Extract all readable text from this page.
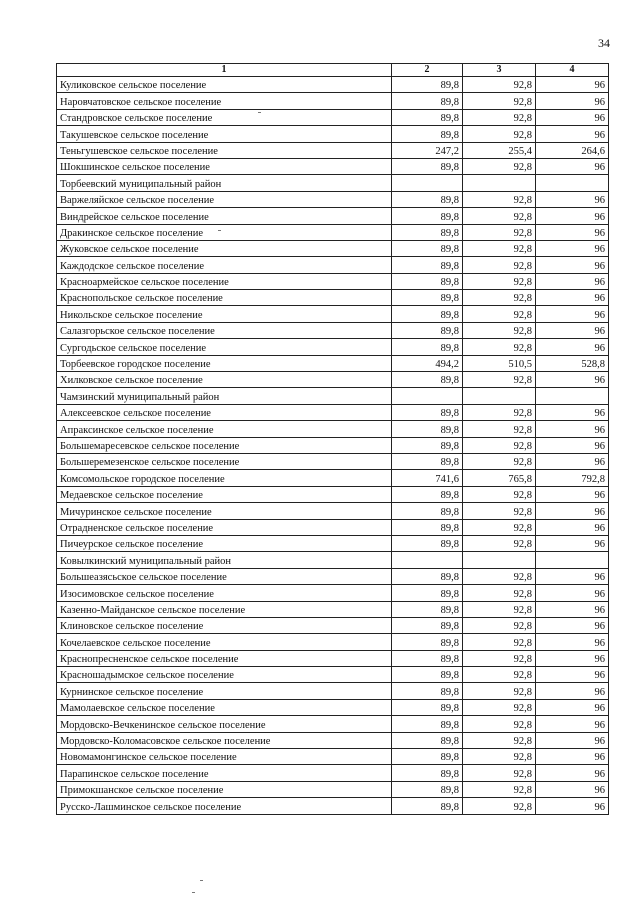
34
1	2	3	4
Куликовское сельское поселение	89,8	92,8	96
Наровчатовское сельское поселение	89,8	92,8	96
Стандровское сельское поселение	89,8	92,8	96
Такушевское сельское поселение	89,8	92,8	96
Теньгушевское сельское поселение	247,2	255,4	264,6
Шокшинское сельское поселение	89,8	92,8	96
Торбеевский муниципальный район			
Варжеляйское сельское поселение	89,8	92,8	96
Виндрейское сельское поселение	89,8	92,8	96
Дракинское сельское поселение	89,8	92,8	96
Жуковское сельское поселение	89,8	92,8	96
Каждодское сельское поселение	89,8	92,8	96
Красноармейское сельское поселение	89,8	92,8	96
Краснопольское сельское поселение	89,8	92,8	96
Никольское сельское поселение	89,8	92,8	96
Салазгорьское сельское поселение	89,8	92,8	96
Сургодьское сельское поселение	89,8	92,8	96
Торбеевское городское поселение	494,2	510,5	528,8
Хилковское сельское поселение	89,8	92,8	96
Чамзинский муниципальный район			
Алексеевское сельское поселение	89,8	92,8	96
Апраксинское сельское поселение	89,8	92,8	96
Большемаресевское сельское поселение	89,8	92,8	96
Большеремезенское сельское поселение	89,8	92,8	96
Комсомольское городское поселение	741,6	765,8	792,8
Медаевское сельское поселение	89,8	92,8	96
Мичуринское сельское поселение	89,8	92,8	96
Отрадненское сельское поселение	89,8	92,8	96
Пичеурское сельское поселение	89,8	92,8	96
Ковылкинский муниципальный район			
Большеазясьское сельское поселение	89,8	92,8	96
Изосимовское сельское поселение	89,8	92,8	96
Казенно-Майданское сельское поселение	89,8	92,8	96
Клиновское сельское поселение	89,8	92,8	96
Кочелаевское сельское поселение	89,8	92,8	96
Краснопресненское сельское поселение	89,8	92,8	96
Красношадымское сельское поселение	89,8	92,8	96
Курнинское сельское поселение	89,8	92,8	96
Мамолаевское сельское поселение	89,8	92,8	96
Мордовско-Вечкенинское сельское поселение	89,8	92,8	96
Мордовско-Коломасовское сельское поселение	89,8	92,8	96
Новомамонгинское сельское поселение	89,8	92,8	96
Парапинское сельское поселение	89,8	92,8	96
Примокшанское сельское поселение	89,8	92,8	96
Русско-Лашминское сельское поселение	89,8	92,8	96
